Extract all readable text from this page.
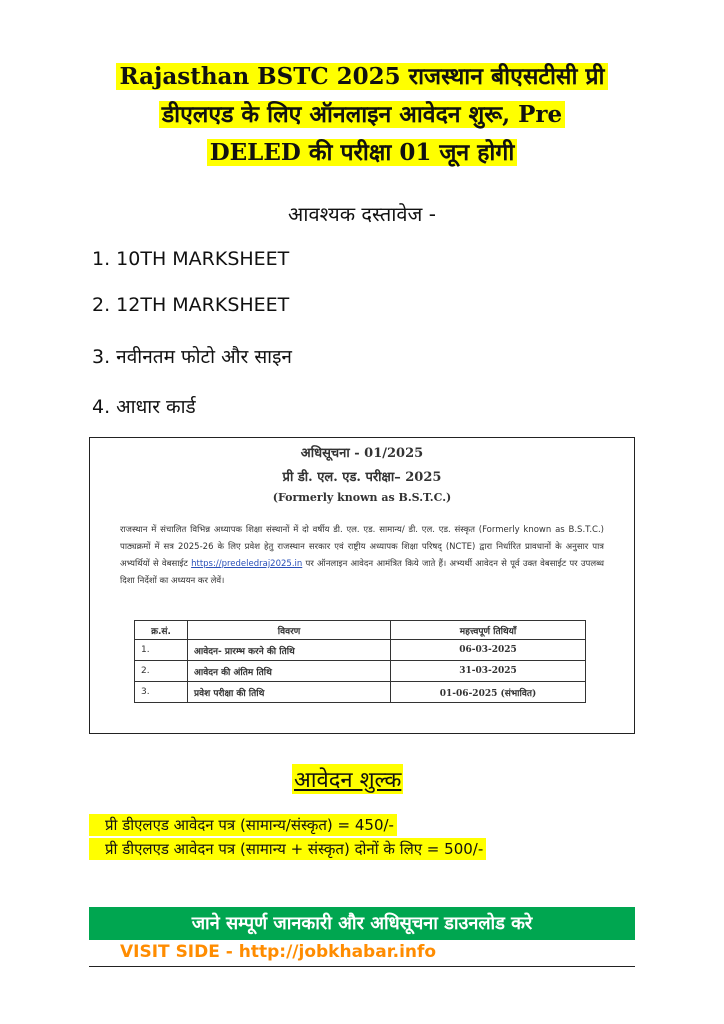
Rajasthan BSTC 2025 राजस्थान बीएसटीसी प्री
डीएलएड के लिए ऑनलाइन आवेदन शुरू, Pre
DELED की परीक्षा 01 जून होगी
आवश्यक दस्तावेज -
1. 10TH MARKSHEET
2. 12TH MARKSHEET
3. नवीनतम फोटो और साइन
4. आधार कार्ड
अधिसूचना - 01/2025
प्री डी. एल. एड. परीक्षा– 2025
(Formerly known as B.S.T.C.)
राजस्थान में संचालित विभिन्न अध्यापक शिक्षा संस्थानों में दो वर्षीय डी. एल. एड. सामान्य/ डी. एल. एड. संस्कृत (Formerly known as B.S.T.C.) पाठ्यक्रमों में सत्र 2025-26 के लिए प्रवेश हेतु राजस्थान सरकार एवं राष्ट्रीय अध्यापक शिक्षा परिषद् (NCTE) द्वारा निर्धारित प्रावधानों के अनुसार पात्र अभ्यर्थियों से वेबसाईट https://predeledraj2025.in पर ऑनलाइन आवेदन आमंत्रित किये जाते हैं। अभ्यर्थी आवेदन से पूर्व उक्त वेबसाईट पर उपलब्ध दिशा निर्देशों का अध्ययन कर लेवें।
क्र.सं.	विवरण	महत्त्वपूर्ण तिथियाँ
1.	आवेदन- प्रारम्भ करने की तिथि	06-03-2025
2.	आवेदन की अंतिम तिथि	31-03-2025
3.	प्रवेश परीक्षा की तिथि	01-06-2025 (संभावित)
आवेदन शुल्क
प्री डीएलएड आवेदन पत्र (सामान्य/संस्कृत) = 450/-
प्री डीएलएड आवेदन पत्र (सामान्य + संस्कृत) दोनों के लिए = 500/-
जाने सम्पूर्ण जानकारी और अधिसूचना डाउनलोड करे
VISIT SIDE - http://jobkhabar.info
